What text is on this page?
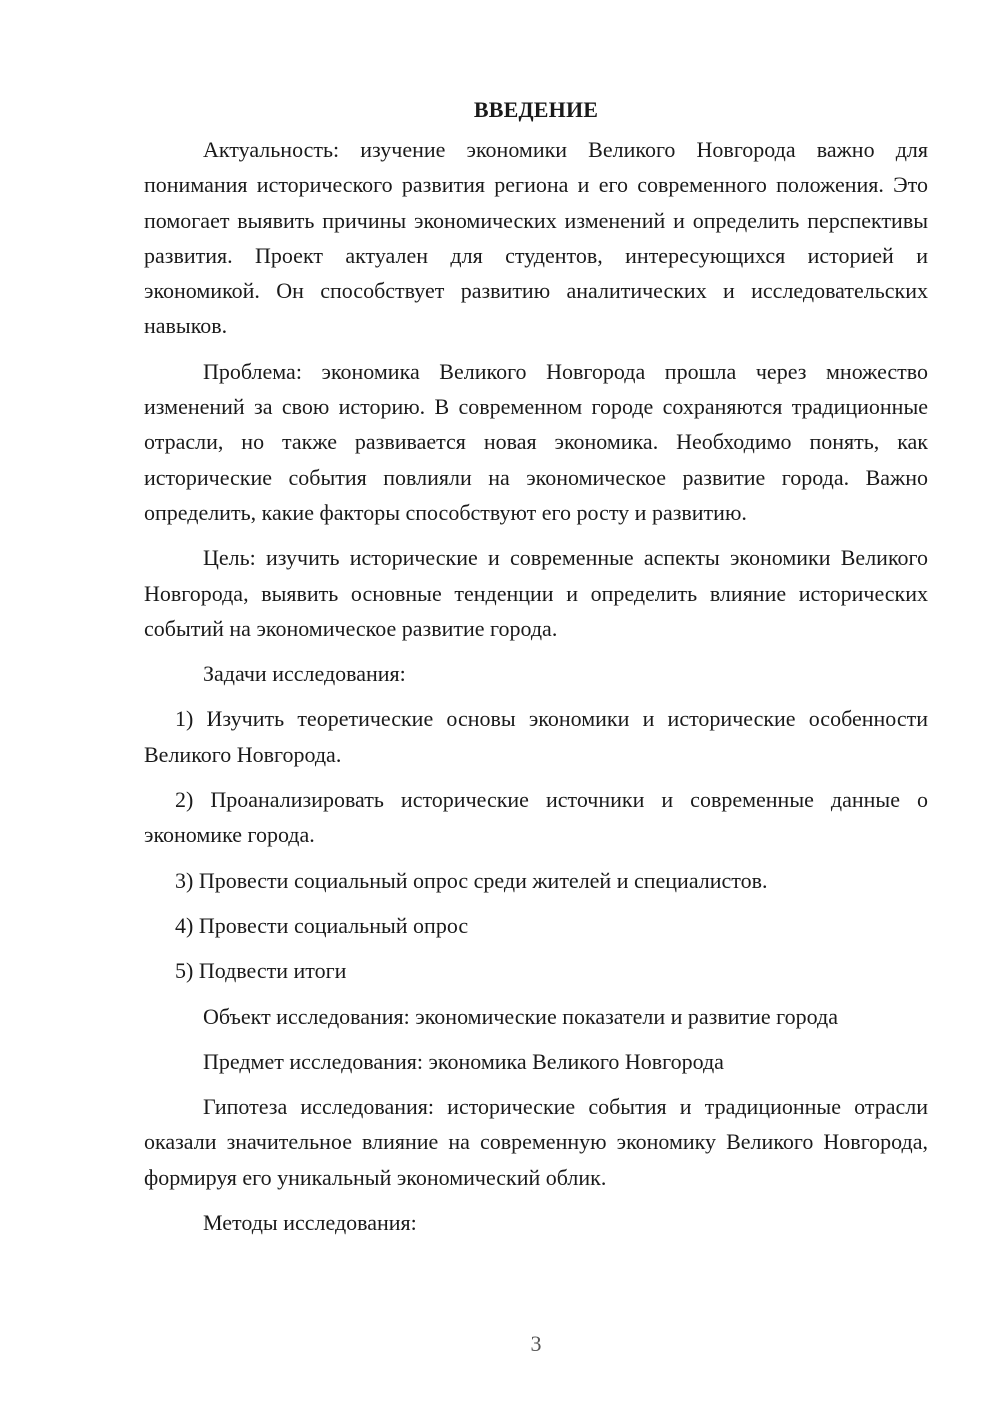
ВВЕДЕНИЕ

Актуальность: изучение экономики Великого Новгорода важно для понимания исторического развития региона и его современного положения. Это помогает выявить причины экономических изменений и определить перспективы развития. Проект актуален для студентов, интересующихся историей и экономикой. Он способствует развитию аналитических и исследовательских навыков.

Проблема: экономика Великого Новгорода прошла через множество изменений за свою историю. В современном городе сохраняются традиционные отрасли, но также развивается новая экономика. Необходимо понять, как исторические события повлияли на экономическое развитие города. Важно определить, какие факторы способствуют его росту и развитию.

Цель: изучить исторические и современные аспекты экономики Великого Новгорода, выявить основные тенденции и определить влияние исторических событий на экономическое развитие города.

Задачи исследования:

1) Изучить теоретические основы экономики и исторические особенности Великого Новгорода.

2) Проанализировать исторические источники и современные данные о экономике города.

3) Провести социальный опрос среди жителей и специалистов.

4) Провести социальный опрос

5) Подвести итоги

Объект исследования: экономические показатели и развитие города

Предмет исследования: экономика Великого Новгорода

Гипотеза исследования: исторические события и традиционные отрасли оказали значительное влияние на современную экономику Великого Новгорода, формируя его уникальный экономический облик.

Методы исследования:

3
